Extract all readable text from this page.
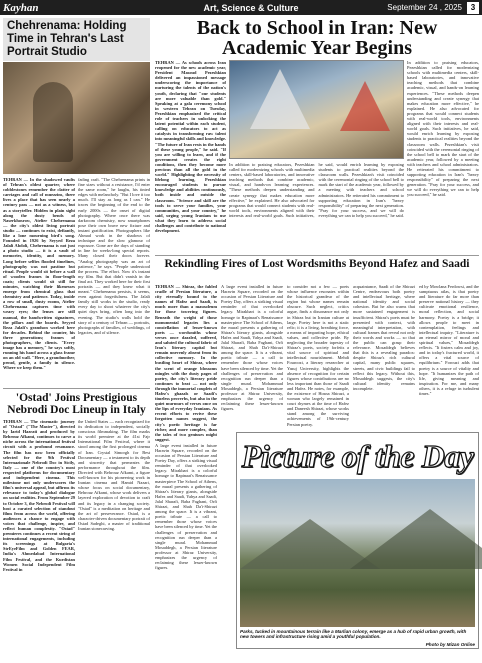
Kayhan	Art, Science & Culture	September 24 , 2025	3
Chehrenama: Holding Time in Tehran's Last Portrait Studio

TEHRAN — In the shadowed vaults of Tehran's oldest quarter, where cobblestones remember the clatter of carriages and call of muezzins, there lives a place that has seen nearly a century pass — not as a witness, but as a storyteller. Hidden in plain sight along the dusty bends of Naserkhosrow, Atelier Chehrenama — the city's oldest living portrait studio — continues to exist, defiantly, like a lone mourning bird's song. Founded in 1926 by Seyyed Reza Jalali Abdoli, Chehrenama is not just a photo studio — it is a vault of memories, identity, and memory. Long before selfies flooded timelines, photography was not pastime but ritual. People would sit before a wall of wooden frames in floor-length coats; clients would sit still for minutes, watching their likenesses emerge from chemical glass that chemistry and patience. Today, inside a row of small, dusty rooms, Atelier Chehrenama captures time with weary eyes; the lenses are still manual, the handwritten signatures, the pillars and the boards. Seyyed Reza Jalali's grandson worked here for decades. Behind the counter, his three generations; frames of photographers, the clients. "Every image has a memory," he says softly, running his hand across a glass frame on an old wall. "Here, a grandmother, proud, gentle, a family in silence. Where we keep them."

fading craft. "The Chehrenama prints in fine sizes without a resistance, I'd enter the same room," he laughs, his tinted edges with melancholy. "But I love it too much. I'll stay as long as I can." He traces the beginning of the end to the early 2000s — the onset of digital photography. Where once there was darkroom chemistry, now smartphones pose their own brave new fixture and instant gratification. Photographers like Ahmad work in the shadows of technique and the slow glamour of exposure. Gone are the days of standing in line for weeks-long special reports. Many closed their doors forever. "Analog photography was an art of patience," he says. "People understood the process. The effort. Now it's instant my film. But that didn't vanish in the final act. They worked here for their first portraits — and they knew what it meant." Chehrenama persists, it seems, even against forgetfulness. The Jalali family still works in the studio, ready every day to shoot whatever the city's quiet days bring, often long into the evening. The studio's walls hold the story of a century of Tehran — portraits, photographs of families, of weddings, of legacies, and of silence.

Back to School in Iran: New Academic Year Begins

TEHRAN — As schools across Iran reopened for the new academic year, President Masoud Pezeshkian delivered an impassioned message underscoring the importance of nurturing the talents of the nation's youth, declaring that "our students are more valuable than gold." Speaking at a gala ceremony school in western Tehran on Tuesday, Pezeshkian emphasized the critical role of teachers in unlocking the latent potential within each student, calling on educators to act as catalysts in transforming raw talent into meaningful skills and knowledge. "The future of Iran rests in the hands of these young people," he said. "If you are willing to learn, and if the government creates the right conditions, then they become more precious than all the gold in the world." Highlighting the necessity of lifelong learning, Pezeshkian encouraged students to pursue knowledge and abilities continuously, both inside and outside the classroom. "Science and skill are the tools to serve your families, your communities, and your country," he said, urging young Iranians to use what they learn to address social challenges and contribute to national development.

In addition to praising educators, Pezeshkian called for modernizing schools with multimedia centers, skill-based laboratories, and innovative teaching methods that combine academic, visual, and hands-on learning experiences. "These methods deepen understanding and create synergy that makes education more effective," he explained. He also advocated for programs that would connect students with real-world tools, environments aligned with their interests and real-world goals. Such initiatives, he said, would enrich learning by exposing students to practical realities beyond the classroom walls. Pezeshkian's visit coincided with the ceremonial ringing of the school bell to mark the start of the academic year, followed by a meeting with teachers and school administrators. He reiterated his commitment to supporting education in Iran's "heavy responsibility" of preparing the next generation. "Pray for your success, and we will do everything we can to help you succeed," he said.

In addition to praising educators, Pezeshkian called for modernizing schools with multimedia centers, skill-based laboratories, and innovative teaching methods that combine academic, visual, and hands-on learning experiences. "These methods deepen understanding and create synergy that makes education more effective," he explained. He also advocated for programs that would connect students with real-world tools, environments aligned with their interests and real-world goals. Such initiatives, he said, would enrich learning by exposing students to practical realities beyond the classroom walls. Pezeshkian's visit coincided with the ceremonial ringing of the school bell to mark the start of the academic year, followed by a meeting with teachers and school administrators. He reiterated his commitment to supporting education in Iran's "heavy responsibility" of preparing the next generation. "Pray for your success, and we will do everything we can to help you succeed," he said.

Rekindling Fires of Lost Wordsmiths Beyond Hafez and Saadi

TEHRAN — Shiraz, the fabled cradle of Persian literature, a city eternally bound to the names of Hafez and Saadi, is much more than a mausoleum for those towering figures. Beneath the weight of those monumental legacies lies a constellation of lesser-known poets — wordsmiths whose verses once dazzled, suffered, and saluted the cultural fabric of Iran's literary capital but remain unevenly absent from its collective memory. In the bustling heart of Shiraz, where the scent of orange blossoms mingles with the dusty pages of poetry, the city's literary pride continues to beat — not only through the immortal couplets of Hafez's ghazals or Saadi's timeless proverbs, but also in the quiet murmurs of verses once on the lips of everyday Iranians. As recent efforts to revive these forgotten names suggest, the city's poetic heritage is far richer, and more complex, than the tales of two geniuses might suggest.

A large event installed in future Haravin Square, recorded on the occasion of Persian Literature and Poetry Day, offers a striking visual reminder of that overlooked legacy. Mirakbari is a colorful homage to Rapinaat's Renaissance masterpiece The School of Athens, the mural presents a gathering of Shiraz's literary giants, alongside Hafez and Saadi, Yahya and Saadi, Jalal Sharafi, Baba Faghani, Orfi Shirazi, and Shah Da'i-Shirazi among the space. It is a vibrant, poetic tribute — a call to remember those whose voices have been silenced by time. Yet the challenges of preservation and recognition run deeper than a single mural. Mohammad Mosaddegh, a Persian literature professor at Shiraz University, emphasizes the urgency of reclaiming these lesser-known figures.

A large event installed in future Haravin Square, recorded on the occasion of Persian Literature and Poetry Day, offers a striking visual reminder of that overlooked legacy. Mirakbari is a colorful homage to Rapinaat's Renaissance masterpiece The School of Athens, the mural presents a gathering of Shiraz's literary giants, alongside Hafez and Saadi, Yahya and Saadi, Jalal Sharafi, Baba Faghani, Orfi Shirazi, and Shah Da'i-Shirazi among the space. It is a vibrant, poetic tribute — a call to remember those whose voices have been silenced by time. Yet the challenges of preservation and recognition run deeper than a single mural. Mohammad Mosaddegh, a Persian literature professor at Shiraz University, emphasizes the urgency of reclaiming these lesser-known figures.

to consider not a few — poets whose influence resonates within the historical grandeur of the region but whose names remain obscure. Such neglect, critics argue, finds a dissonance not only in Shiraz but in Iranian culture at large. Poetry here is not a static relic; it is a living, breathing force, a means of imparting hope, ethical values, and collective pride. By neglecting the broader tapestry of Shiraz's poets, society forfeits a vital source of spiritual and intellectual nourishment. Mehdi Fouroozi, a literary researcher at Yasuj University, highlights the absence of recognition for certain figures whose contributions are no less important than those of Saadi and Hafez. He notes, for example, the existence of Hosna Shirazi, a woman who largely remained in court rhymes at the time of Hafez and Daneesh Shirazi, whose works stand among the surviving achievements of 19th-century Persian poetry.

acquaintance, Saadi of the Shirazi Centre, endeavours both poetry and intellectual heritage, where national identity and social cohesion. But he also warns that more sustained engagement is insufficient. Shiraz's poets must be presented with context, with meaningful interpretation, with cultural frames that reveal not only their words and works — so that the public can grasp their relevance. Mosaddegh believes that this is a revealing paradox: despite Shiraz's rich cultural capital, many public squares, streets, and civic buildings fail to reflect this legacy. Without this, Mosaddegh suggests, the city's cultural identity remains incomplete.

ed by Mowlana Ferdowsi, and the sumptuous atlas, is that poetry and literature do far more than preserve national history — they cultivate emotional resilience, moral reflection, and social harmony. Poetry is a bridge; it allows people to meet in contemplation, feelings and intellectual inquiry. "Literature is an eternal mirror of moral and spiritual values," Mosaddegh reflects. "It fosters calm and joy, and in today's fractured world, it offers a vital source of equilibrium." Forouzi adds that poetry is a source of vitality and hope. "It humanizes the path of life, giving meaning and inspiration. For me, and many others, it is a refuge in turbulent times."

'Ostad' Joins Prestigious Nebrodi Doc Lineup in Italy

TEHRAN — The cinematic journey of "Ostad" ("The Master"), directed by Iarid Hazrati and produced by Behrouz Afkami, continues to carve a niche across the international festival circuit with a profound resonance. The film has now been officially selected for the 9th Festival Internazionale Nebrodi Doc in Sicily, Italy — one of the country's most respected platforms for documentary and independent cinema. This milestone not only underscores the film's universal appeal, but affirms its relevance to today's global dialogue on social realities. From September 29 to October 3, the Nebrodi Festival will host a curated selection of standout films from across the world, offering audiences a chance to engage with voices that challenge, inspire, and reflect human complexity. "Ostad" premieres continues a recent string of international engagements, including its screenings at Bulgaria's StrEyeFilm and Golden FEAR, India's Ahmedabad International Film Festival, and the Kurdistan Women Social Independent Film Festival in

the United States — each recognized for its dedication to independent, socially conscious filmmaking. The film marks its world premiere at the 41st Fajr International Film Festival, where it stood among the first prolonged cinema of Iran. Crystal Simorgh for Best Documentary — a testament to its depth and sincerity that permeates the performance throughout the film. Directed with Behrouz Afkami, a figure well-known for his pioneering work in Iranian cinema and Hamid Nazari, whose focus on social documentary, Behrouz Afkami, whose work delivers a layered exploration of devotion to craft and its legacy in a changing society. "Ostad" is a meditation on heritage and the art of perseverance. Ostad, is a character-driven documentary portrait of Ostad Sadeghi, a master of traditional Iranian stonecarving.

Picture of the Day
Parks, tucked in mountainous terrain like a Marlian colony, emerge as a hub of rapid urban growth, with new towers and infrastructure rising amid a youthful population.
Photo by Mizan Online
